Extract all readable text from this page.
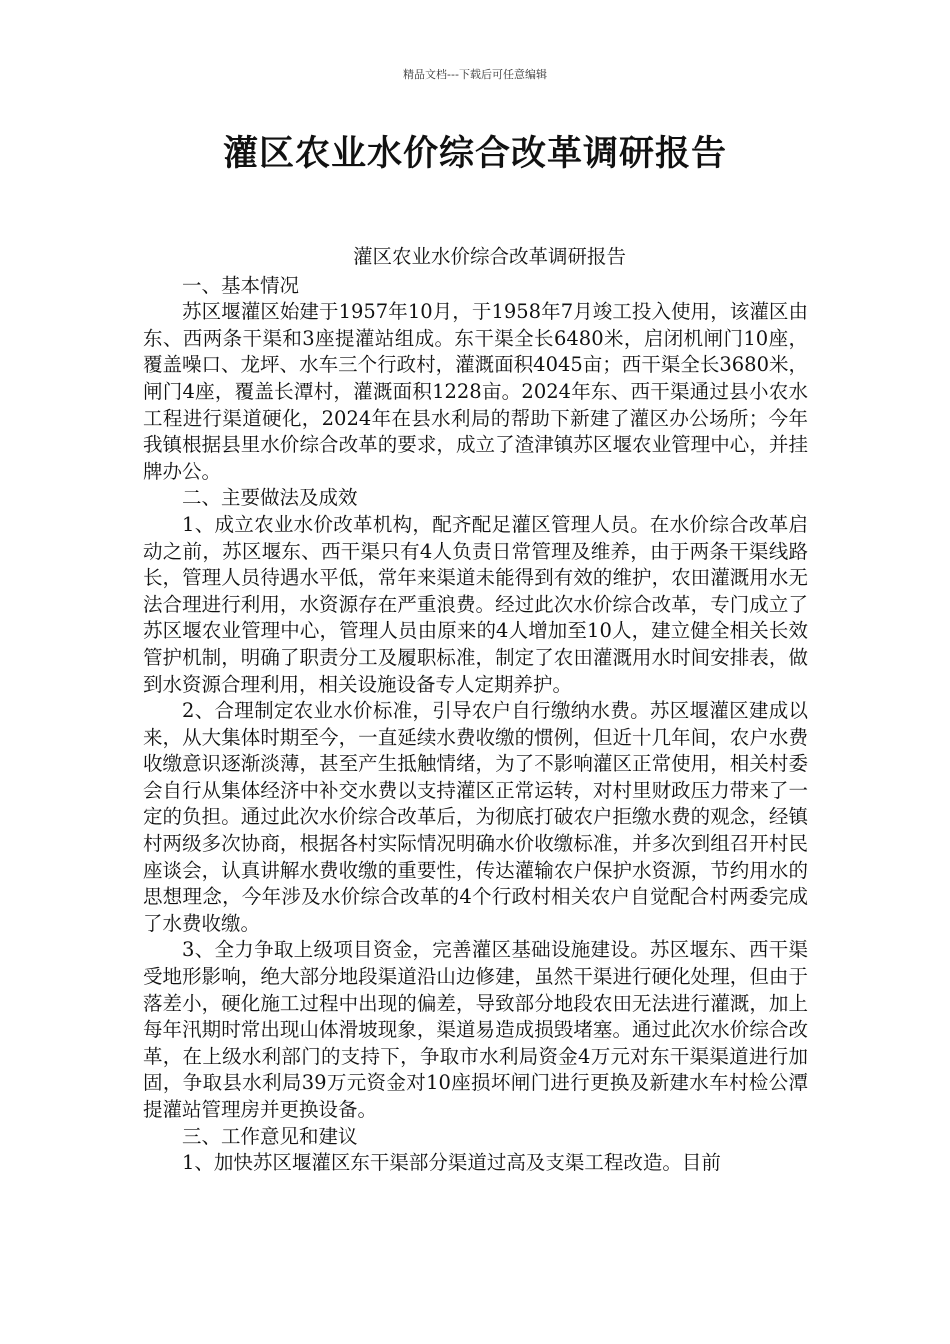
精品文档---下载后可任意编辑
灌区农业水价综合改革调研报告

灌区农业水价综合改革调研报告

一、基本情况

苏区堰灌区始建于1957年10月，于1958年7月竣工投入使用，该灌区由东、西两条干渠和3座提灌站组成。东干渠全长6480米，启闭机闸门10座，覆盖噪口、龙坪、水车三个行政村，灌溉面积4045亩；西干渠全长3680米，闸门4座，覆盖长潭村，灌溉面积1228亩。2024年东、西干渠通过县小农水工程进行渠道硬化，2024年在县水利局的帮助下新建了灌区办公场所；今年我镇根据县里水价综合改革的要求，成立了渣津镇苏区堰农业管理中心，并挂牌办公。

二、主要做法及成效

1、成立农业水价改革机构，配齐配足灌区管理人员。在水价综合改革启动之前，苏区堰东、西干渠只有4人负责日常管理及维养，由于两条干渠线路长，管理人员待遇水平低，常年来渠道未能得到有效的维护，农田灌溉用水无法合理进行利用，水资源存在严重浪费。经过此次水价综合改革，专门成立了苏区堰农业管理中心，管理人员由原来的4人增加至10人，建立健全相关长效管护机制，明确了职责分工及履职标准，制定了农田灌溉用水时间安排表，做到水资源合理利用，相关设施设备专人定期养护。

2、合理制定农业水价标准，引导农户自行缴纳水费。苏区堰灌区建成以来，从大集体时期至今，一直延续水费收缴的惯例，但近十几年间，农户水费收缴意识逐渐淡薄，甚至产生抵触情绪，为了不影响灌区正常使用，相关村委会自行从集体经济中补交水费以支持灌区正常运转，对村里财政压力带来了一定的负担。通过此次水价综合改革后，为彻底打破农户拒缴水费的观念，经镇村两级多次协商，根据各村实际情况明确水价收缴标准，并多次到组召开村民座谈会，认真讲解水费收缴的重要性，传达灌输农户保护水资源，节约用水的思想理念，今年涉及水价综合改革的4个行政村相关农户自觉配合村两委完成了水费收缴。

3、全力争取上级项目资金，完善灌区基础设施建设。苏区堰东、西干渠受地形影响，绝大部分地段渠道沿山边修建，虽然干渠进行硬化处理，但由于落差小，硬化施工过程中出现的偏差，导致部分地段农田无法进行灌溉，加上每年汛期时常出现山体滑坡现象，渠道易造成损毁堵塞。通过此次水价综合改革，在上级水利部门的支持下，争取市水利局资金4万元对东干渠渠道进行加固，争取县水利局39万元资金对10座损坏闸门进行更换及新建水车村检公潭提灌站管理房并更换设备。

三、工作意见和建议

1、加快苏区堰灌区东干渠部分渠道过高及支渠工程改造。目前
